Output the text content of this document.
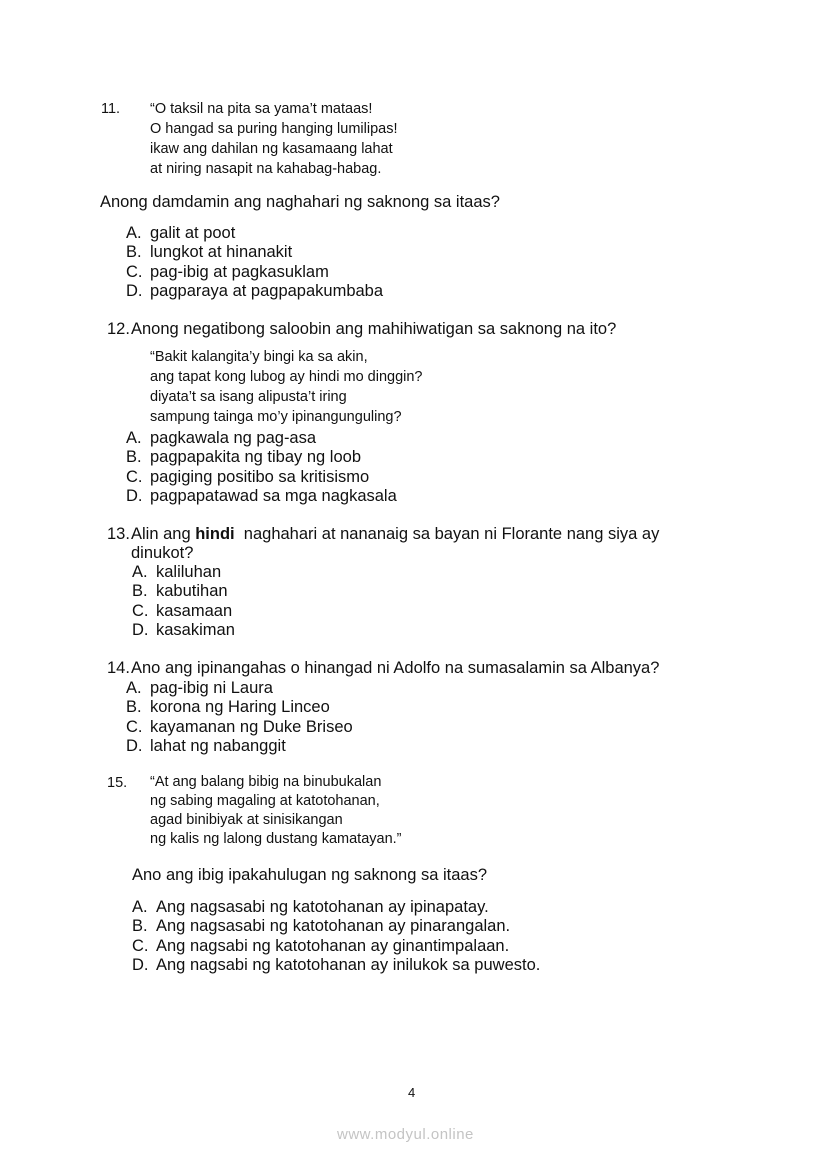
11. “O taksil na pita sa yama’t mataas!
O hangad sa puring hanging lumilipas!
ikaw ang dahilan ng kasamaang lahat
at niring nasapit na kahabag-habag.
Anong damdamin ang naghahari ng saknong sa itaas?
A. galit at poot
B. lungkot at hinanakit
C. pag-ibig at pagkasuklam
D. pagparaya at pagpapakumbaba
12. Anong negatibong saloobin ang mahihiwatigan sa saknong na ito?
“Bakit kalangita’y bingi ka sa akin,
ang tapat kong lubog ay hindi mo dinggin?
diyata’t sa isang alipusta’t iring
sampung tainga mo’y ipinangunguling?
A. pagkawala ng pag-asa
B. pagpapakita ng tibay ng loob
C. pagiging positibo sa kritisismo
D. pagpapatawad sa mga nagkasala
13. Alin ang hindi  naghahari at nananaig sa bayan ni Florante nang siya ay
dinukot?
A. kaliluhan
B. kabutihan
C. kasamaan
D. kasakiman
14. Ano ang ipinangahas o hinangad ni Adolfo na sumasalamin sa Albanya?
A. pag-ibig ni Laura
B. korona ng Haring Linceo
C. kayamanan ng Duke Briseo
D. lahat ng nabanggit
15. “At ang balang bibig na binubukalan
ng sabing magaling at katotohanan,
agad binibiyak at sinisikangan
ng kalis ng lalong dustang kamatayan.”
Ano ang ibig ipakahulugan ng saknong sa itaas?
A. Ang nagsasabi ng katotohanan ay ipinapatay.
B. Ang nagsasabi ng katotohanan ay pinarangalan.
C. Ang nagsabi ng katotohanan ay ginantimpalaan.
D. Ang nagsabi ng katotohanan ay inilukok sa puwesto.
4
www.modyul.online
